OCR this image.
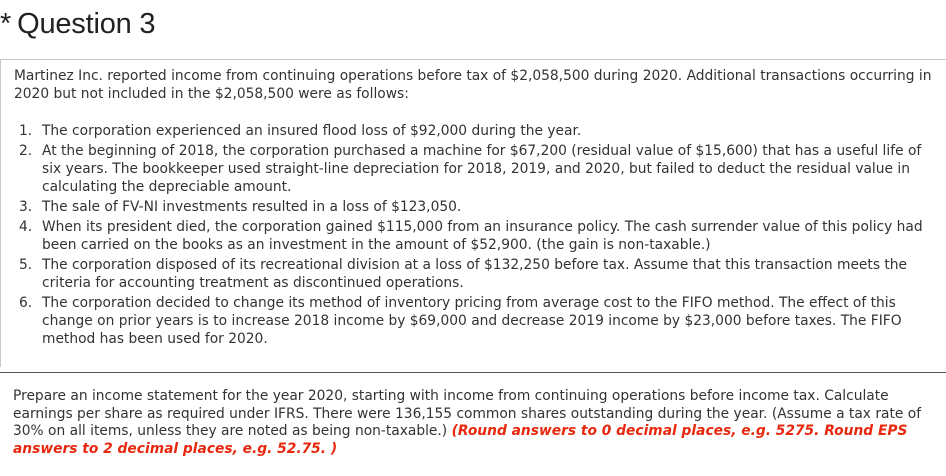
* Question 3

Martinez Inc. reported income from continuing operations before tax of $2,058,500 during 2020. Additional transactions occurring in 2020 but not included in the $2,058,500 were as follows:

1. The corporation experienced an insured flood loss of $92,000 during the year.
2. At the beginning of 2018, the corporation purchased a machine for $67,200 (residual value of $15,600) that has a useful life of six years. The bookkeeper used straight-line depreciation for 2018, 2019, and 2020, but failed to deduct the residual value in calculating the depreciable amount.
3. The sale of FV-NI investments resulted in a loss of $123,050.
4. When its president died, the corporation gained $115,000 from an insurance policy. The cash surrender value of this policy had been carried on the books as an investment in the amount of $52,900. (the gain is non-taxable.)
5. The corporation disposed of its recreational division at a loss of $132,250 before tax. Assume that this transaction meets the criteria for accounting treatment as discontinued operations.
6. The corporation decided to change its method of inventory pricing from average cost to the FIFO method. The effect of this change on prior years is to increase 2018 income by $69,000 and decrease 2019 income by $23,000 before taxes. The FIFO method has been used for 2020.

Prepare an income statement for the year 2020, starting with income from continuing operations before income tax. Calculate earnings per share as required under IFRS. There were 136,155 common shares outstanding during the year. (Assume a tax rate of 30% on all items, unless they are noted as being non-taxable.) (Round answers to 0 decimal places, e.g. 5275. Round EPS answers to 2 decimal places, e.g. 52.75. )
